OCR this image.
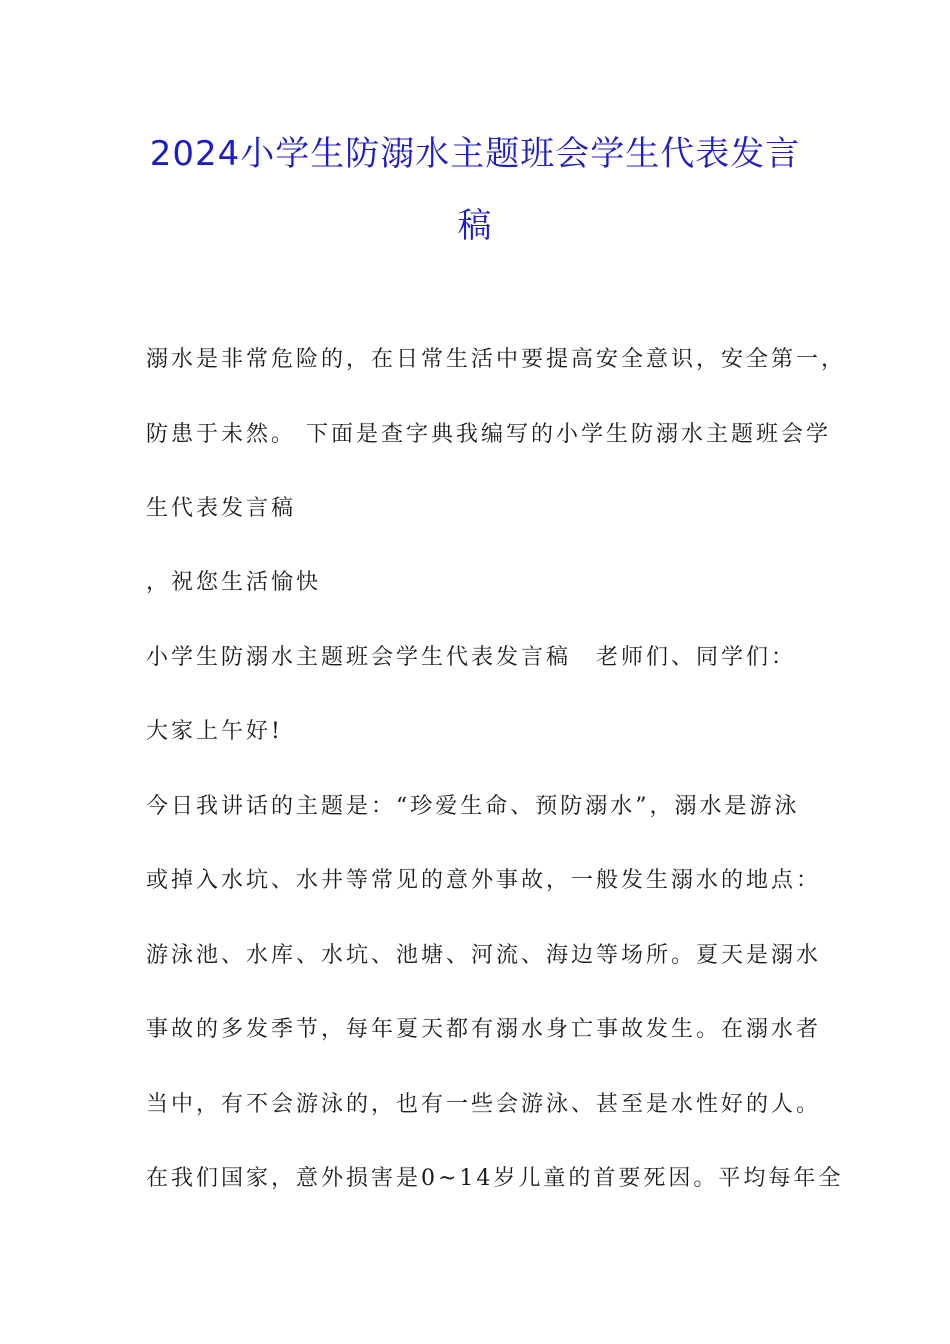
2024小学生防溺水主题班会学生代表发言
稿

溺水是非常危险的，在日常生活中要提高安全意识，安全第一，

防患于未然。 下面是查字典我编写的小学生防溺水主题班会学

生代表发言稿

，祝您生活愉快

小学生防溺水主题班会学生代表发言稿　老师们、同学们：

大家上午好!

今日我讲话的主题是：“珍爱生命、预防溺水”，溺水是游泳

或掉入水坑、水井等常见的意外事故，一般发生溺水的地点：

游泳池、水库、水坑、池塘、河流、海边等场所。夏天是溺水

事故的多发季节，每年夏天都有溺水身亡事故发生。在溺水者

当中，有不会游泳的，也有一些会游泳、甚至是水性好的人。

在我们国家，意外损害是0~14岁儿童的首要死因。平均每年全
